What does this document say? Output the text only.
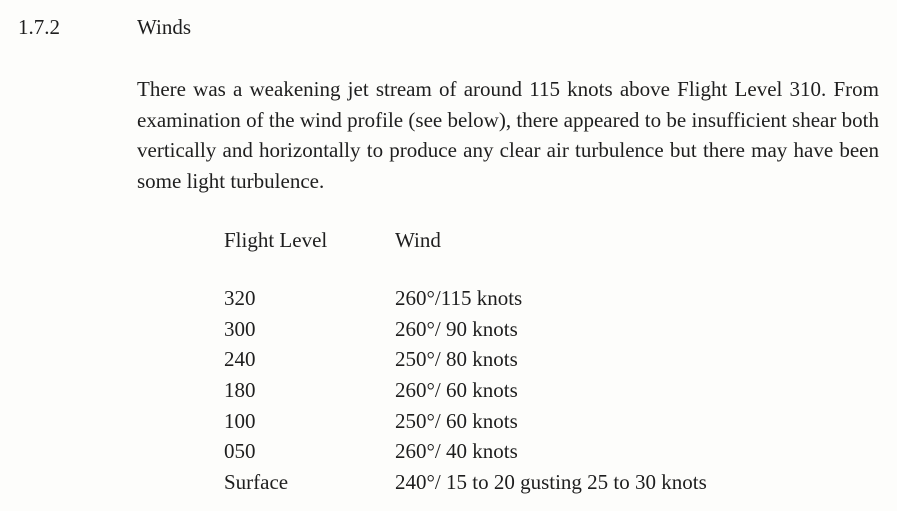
1.7.2	Winds

There was a weakening jet stream of around 115 knots above Flight Level 310. From examination of the wind profile (see below), there appeared to be insufficient shear both vertically and horizontally to produce any clear air turbulence but there may have been some light turbulence.

Flight Level	Wind

320	260°/115 knots
300	260°/ 90 knots
240	250°/ 80 knots
180	260°/ 60 knots
100	250°/ 60 knots
050	260°/ 40 knots
Surface	240°/ 15 to 20 gusting 25 to 30 knots
